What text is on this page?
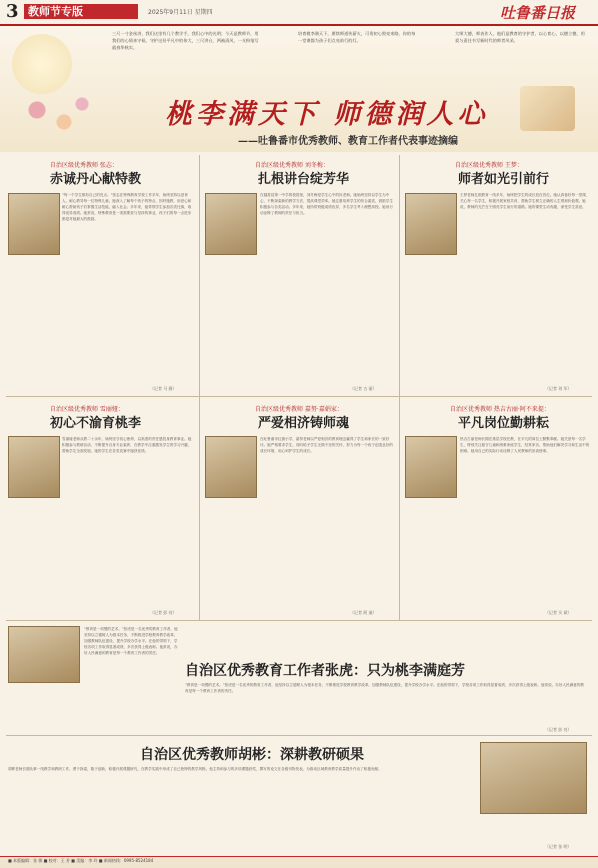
3 教师节专版	2025年9月11日 星期四	吐鲁番日报
三尺一寸金丝讲，我们这里有几个教学手，我们心中的光明；今天是教师节，用我们的心情来守候，守护这份平凡中的伟大，三尺讲台，两袖清风，一支粉笔写就春华秋实。
培育桃李满天下，赓续师道传薪火，可贵初心照亮来路，你的每一堂课都为孩子们点亮前行的灯。
大师大德，师表作人，他们是教育的守护者，以心育心，以德立德，用爱与责任书写新时代的师者风采。
桃李满天下 师德润人心
——吐鲁番市优秀教师、教育工作者代表事迹摘编
自治区级优秀教师 张志：
赤诚丹心献特教
“每一个学生都有自己的亮点。”张志在特殊教育学校工作多年，始终坚持以爱育人，耐心教导每一位特殊儿童。她深入了解每个孩子的特点，因材施教，用爱心和耐心帮助孩子们掌握生活技能，融入社会。多年来，她带领学生参加各类比赛，取得优异成绩。她常说，特殊教育是一项需要爱与坚持的事业，孩子们的每一点进步都是对她最大的鼓励。
（记者 马 静）
自治区级优秀教师 刘冬梅：
扎根讲台绽芳华
在鄯善县第一中学的校园里，刘冬梅是学生心中的好老师。她始终坚持以学生为中心，不断探索新的教学方法，提高课堂效率。她注重培养学生的综合素质，鼓励学生积极参与各类活动。多年来，她所带班级成绩优异，多名学生考入理想高校。她用行动诠释了教师的责任与担当。
（记者 古 丽）
自治区级优秀教师 王梦：
师者如光引前行
王梦老师扎根教育一线多年，始终把学生的成长放在首位。她认真备好每一堂课，关心每一名学生，积极开展家校共育，帮助学生树立正确的人生观和价值观。她说，教师的光芒在于照亮学生前行的道路。她的课堂生动有趣，深受学生喜爱。
（记者 刘 军）
自治区级优秀教师 雪丽娅：
初心不渝育桃李
雪丽娅老师从教二十余年，始终坚守初心使命，以高度的责任感投身教育事业。她积极参与教研活动，不断提升自身专业素养，在教学中注重激发学生的学习兴趣，帮助学生全面发展。她的学生在各类竞赛中屡获佳绩。
（记者 彭 亮）
自治区级优秀教师 嘉努·嘉娟家：
严爱相济铸师魂
在吐鲁番市红旗小学，嘉努老师以严爱相济的教育理念赢得了学生和家长的一致好评。她严格要求学生，同时给予学生无微不至的关怀，努力为每一个孩子创造良好的成长环境，用心呵护学生的成长。
（记者 阿 迪）
自治区优秀教师 热吉古丽·阿不来提：
平凡岗位勤耕耘
热吉古丽老师长期在基层学校任教，在平凡的岗位上默默奉献。她关爱每一名学生，特别关注留守儿童和困难家庭学生，经常家访，帮助他们解决学习和生活中的困难。她用自己的实际行动诠释了人民教师的崇高使命。
（记者 买 斌）
“教育是一项慢的艺术。”张虎是一名优秀的教育工作者，他坚持以立德树人为根本任务，不断推进学校教育教学改革，加强教师队伍建设，提升学校办学水平。在他的带领下，学校各项工作取得显著成绩，多次获得上级表彰。他常说，办好人民满意的教育是每一个教育工作者的责任。
自治区优秀教育工作者张虎：只为桃李满庭芳
“教育是一项慢的艺术。”张虎是一名优秀的教育工作者，他坚持以立德树人为根本任务，不断推进学校教育教学改革，加强教师队伍建设，提升学校办学水平。在他的带领下，学校各项工作取得显著成绩，多次获得上级表彰。他常说，办好人民满意的教育是每一个教育工作者的责任。
（记者 彭 亮）
自治区优秀教师胡彬：深耕教研硕果
胡彬老师长期从事一线教学和教研工作，勇于探索，敢于创新，积极开展课题研究，在教学实践中形成了自己独特的教学风格。他主持和参与的多项课题获奖，撰写的论文在各级刊物发表，为推动区域教育教学质量提升作出了积极贡献。
（记者 张 明）
■ 本版编辑：张 敏 ■ 校对：王 芳 ■ 美编：李 玲 ■ 新闻热线：0995-8524184
